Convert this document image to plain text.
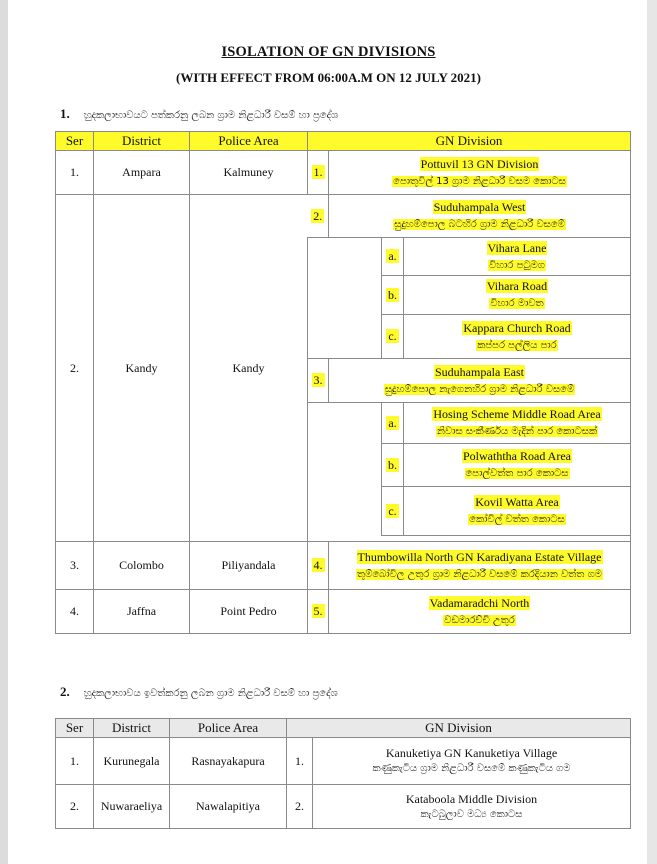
ISOLATION OF GN DIVISIONS
(WITH EFFECT FROM 06:00A.M ON 12 JULY 2021)
1. හුදකලාභාවයට පත්කරනු ලබන ග්‍රාම නිළධාරී වසම් හා ප්‍රදේශ
Ser	District	Police Area	GN Division			
1.	Ampara	Kalmuney	1.	Pottuvil 13 GN Division
පොතුවිල් 13 ග්‍රාම නිළධාරී වසම කොටස		

2.	Kandy	Kandy	2.	Suduhampala West
සුදුහම්පොල බටහිර ග්‍රාම නිළධාරී වසමේ		

					a.	Vihara Lane
විහාර පටුමග

					b.	Vihara Road
විහාර මාවත

					c.	Kappara Church Road
කප්පර පල්ලිය පාර

			3.	Suduhampala East
සුදුහම්පොල නැගෙනහිර ග්‍රාම නිළධාරී වසමේ		

					a.	Hosing Scheme Middle Road Area
නිවාස සංකීර්ණය මැදින් පාර කොටසක්

					b.	Polwaththa Road Area
පොල්වත්ත පාර කොටස

					c.	Kovil Watta Area
කෝවිල් වත්ත කොටස

3.	Colombo	Piliyandala	4.	Thumbowilla North GN Karadiyana Estate Village
තුම්බෝවිල උතුර ග්‍රාම නිළධාරී වසමේ කරදියාන වත්ත ගම		

4.	Jaffna	Point Pedro	5.	Vadamaradchi North
වඩමාරච්චි උතුර		
2. හුදකලාභාවය ඉවත්කරනු ලබන ග්‍රාම නිළධාරී වසම් හා ප්‍රදේශ
Ser	District	Police Area	GN Division	
1.	Kurunegala	Rasnayakapura	1.	Kanuketiya GN Kanuketiya Village
කණුකැටිය ග්‍රාම නිළධාරී වසමේ කණුකැටිය ගම

2.	Nuwaraeliya	Nawalapitiya	2.	Kataboola Middle Division
කැටබුලාව මධ්‍ය කොටස
